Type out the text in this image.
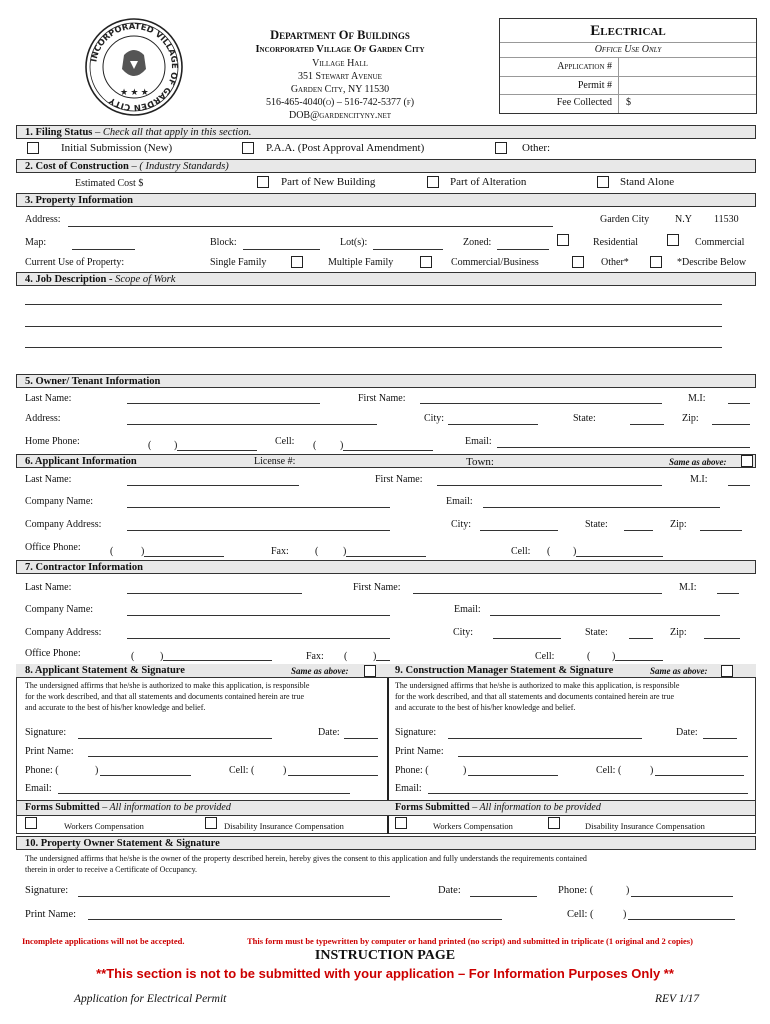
INCORPORATED VILLAGE OF GARDEN CITY
★ ★ ★
Department Of Buildings
Incorporated Village Of Garden City
Village Hall
351 Stewart Avenue
Garden City, NY 11530
516-465-4040(o) – 516-742-5377 (f)
DOB@gardencityny.net
Electrical
Office Use Only
Application #
Permit #
Fee Collected $
1. Filing Status – Check all that apply in this section.
Initial Submission (New)	P.A.A. (Post Approval Amendment)	Other:
2. Cost of Construction – ( Industry Standards)
Estimated Cost $	Part of New Building	Part of Alteration	Stand Alone
3. Property Information
Address:	Garden City	N.Y 11530
Map:	Block:	Lot(s):	Zoned:	Residential	Commercial
Current Use of Property:	Single Family	Multiple Family	Commercial/Business	Other*	*Describe Below
4. Job Description - Scope of Work
5. Owner/ Tenant Information
Last Name:	First Name:	M.I:
Address:	City:	State:	Zip:
Home Phone:	( )	Cell: ( )	Email:
6. Applicant Information	License #:	Town:	Same as above:
Last Name:	First Name:	M.I:
Company Name:	Email:
Company Address:	City:	State:	Zip:
Office Phone:	(	)	Fax:	( )	Cell: ( )
7. Contractor Information
Last Name:	First Name:	M.I:
Company Name:	Email:
Company Address:	City:	State:	Zip:
Office Phone:	(	)	Fax: (	)	Cell:	( )
8. Applicant Statement & Signature	Same as above:	9. Construction Manager Statement & Signature	Same as above:
The undersigned affirms that he/she is authorized to make this application, is responsible
for the work described, and that all statements and documents contained herein are true
and accurate to the best of his/her knowledge and belief.
The undersigned affirms that he/she is authorized to make this application, is responsible
for the work described, and that all statements and documents contained herein are true
and accurate to the best of his/her knowledge and belief.
Signature:	Date:
Print Name:
Phone: (	)	Cell: (	)
Email:
Signature:	Date:
Print Name:
Phone: (	)	Cell: (	)
Email:
Forms Submitted – All information to be provided	Forms Submitted – All information to be provided
Workers Compensation	Disability Insurance Compensation	Workers Compensation	Disability Insurance Compensation
10. Property Owner Statement & Signature
The undersigned affirms that he/she is the owner of the property described herein, hereby gives the consent to this application and fully understands the requirements contained
therein in order to receive a Certificate of Occupancy.
Signature:	Date:	Phone: (	)
Print Name:	Cell: (	)
Incomplete applications will not be accepted.	This form must be typewritten by computer or hand printed (no script) and submitted in triplicate (1 original and 2 copies)
INSTRUCTION PAGE
**This section is not to be submitted with your application – For Information Purposes Only **
Application for Electrical Permit	REV 1/17
